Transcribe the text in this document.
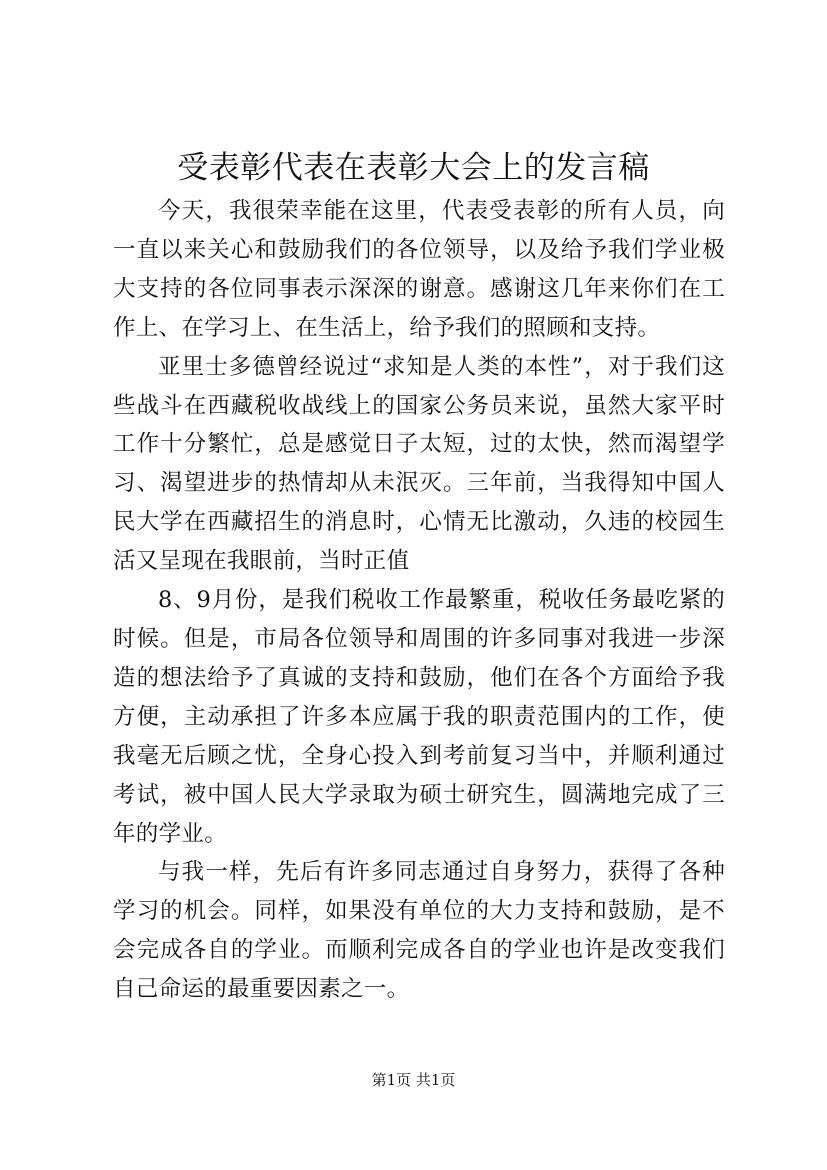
受表彰代表在表彰大会上的发言稿

今天，我很荣幸能在这里，代表受表彰的所有人员，向一直以来关心和鼓励我们的各位领导，以及给予我们学业极大支持的各位同事表示深深的谢意。感谢这几年来你们在工作上、在学习上、在生活上，给予我们的照顾和支持。

亚里士多德曾经说过“求知是人类的本性”，对于我们这些战斗在西藏税收战线上的国家公务员来说，虽然大家平时工作十分繁忙，总是感觉日子太短，过的太快，然而渴望学习、渴望进步的热情却从未泯灭。三年前，当我得知中国人民大学在西藏招生的消息时，心情无比激动，久违的校园生活又呈现在我眼前，当时正值

8、9月份，是我们税收工作最繁重，税收任务最吃紧的时候。但是，市局各位领导和周围的许多同事对我进一步深造的想法给予了真诚的支持和鼓励，他们在各个方面给予我方便，主动承担了许多本应属于我的职责范围内的工作，使我毫无后顾之忧，全身心投入到考前复习当中，并顺利通过考试，被中国人民大学录取为硕士研究生，圆满地完成了三年的学业。

与我一样，先后有许多同志通过自身努力，获得了各种学习的机会。同样，如果没有单位的大力支持和鼓励，是不会完成各自的学业。而顺利完成各自的学业也许是改变我们自己命运的最重要因素之一。

第1页 共1页
